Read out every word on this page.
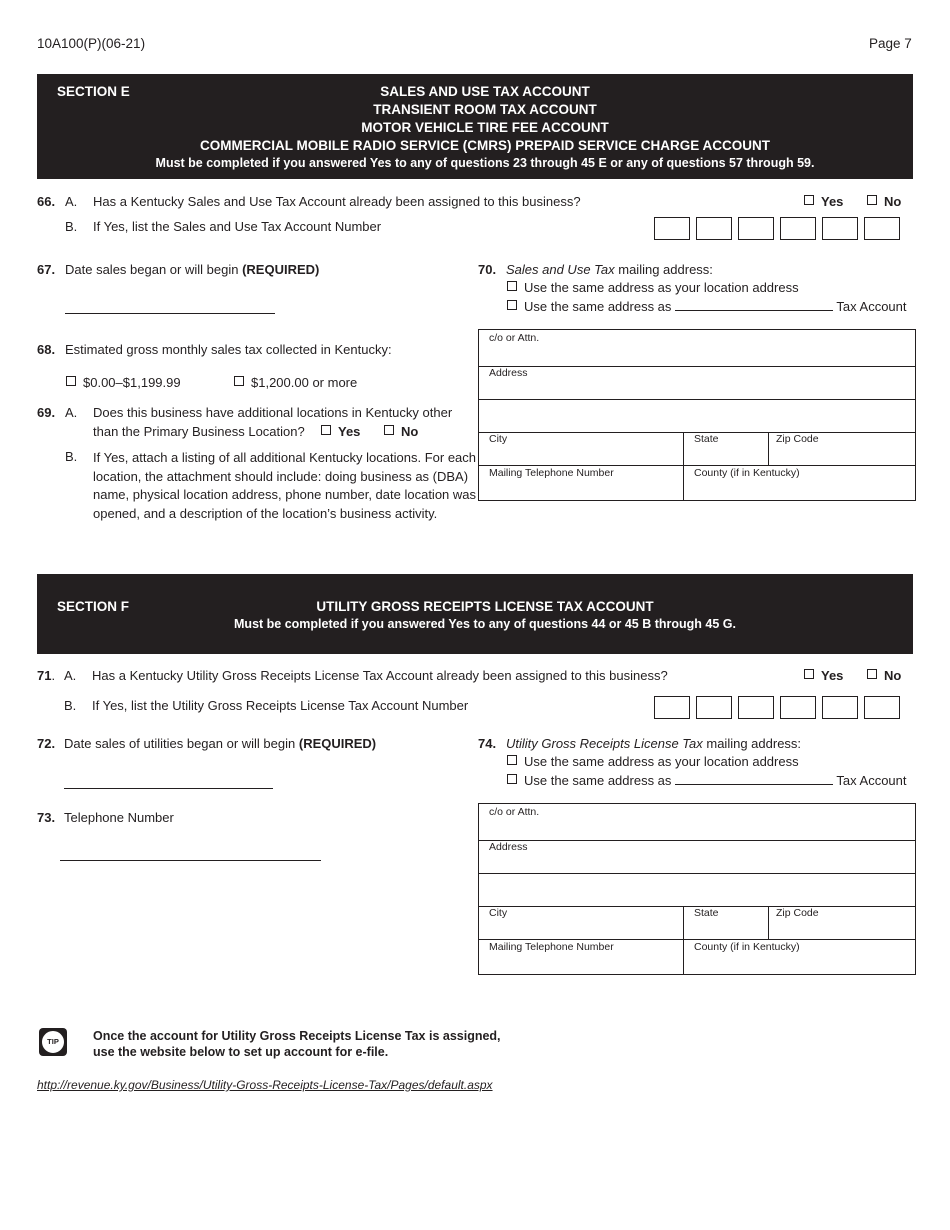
10A100(P)(06-21)	Page 7
SECTION E	SALES AND USE TAX ACCOUNT
TRANSIENT ROOM TAX ACCOUNT
MOTOR VEHICLE TIRE FEE ACCOUNT
COMMERCIAL MOBILE RADIO SERVICE (CMRS) PREPAID SERVICE CHARGE ACCOUNT
Must be completed if you answered Yes to any of questions 23 through 45 E or any of questions 57 through 59.
66. A. Has a Kentucky Sales and Use Tax Account already been assigned to this business?	Yes	No
B. If Yes, list the Sales and Use Tax Account Number
67. Date sales began or will begin (REQUIRED)
68. Estimated gross monthly sales tax collected in Kentucky:
$0.00–$1,199.99	$1,200.00 or more
69. A. Does this business have additional locations in Kentucky other
than the Primary Business Location?	Yes	No
B. If Yes, attach a listing of all additional Kentucky locations. For each
location, the attachment should include: doing business as (DBA)
name, physical location address, phone number, date location was
opened, and a description of the location’s business activity.
70. Sales and Use Tax mailing address:
Use the same address as your location address
Use the same address as	Tax Account
c/o or Attn.
Address
City	State	Zip Code
Mailing Telephone Number	County (if in Kentucky)
SECTION F	UTILITY GROSS RECEIPTS LICENSE TAX ACCOUNT
Must be completed if you answered Yes to any of questions 44 or 45 B through 45 G.
71. A. Has a Kentucky Utility Gross Receipts License Tax Account already been assigned to this business?	Yes	No
B. If Yes, list the Utility Gross Receipts License Tax Account Number
72. Date sales of utilities began or will begin (REQUIRED)
73. Telephone Number
74. Utility Gross Receipts License Tax mailing address:
Use the same address as your location address
Use the same address as	Tax Account
c/o or Attn.
Address
City	State	Zip Code
Mailing Telephone Number	County (if in Kentucky)
TIP	Once the account for Utility Gross Receipts License Tax is assigned,
use the website below to set up account for e-file.
http://revenue.ky.gov/Business/Utility-Gross-Receipts-License-Tax/Pages/default.aspx
